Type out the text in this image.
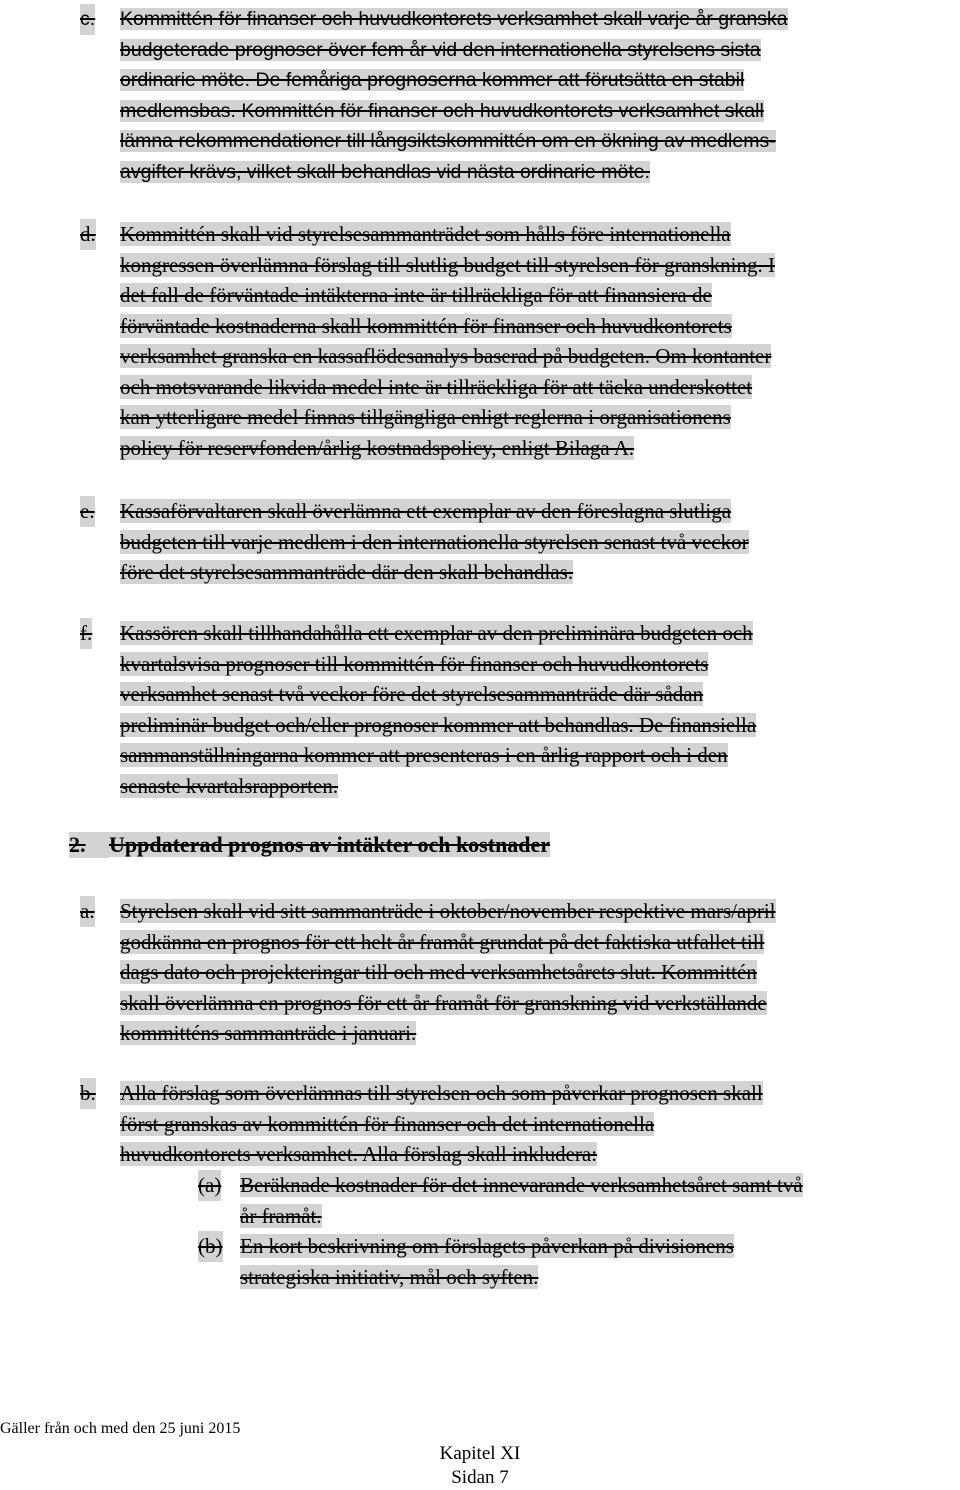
c. Kommittén för finanser och huvudkontorets verksamhet skall varje år granska
budgeterade prognoser över fem år vid den internationella styrelsens sista
ordinarie möte. De femåriga prognoserna kommer att förutsätta en stabil
medlemsbas. Kommittén för finanser och huvudkontorets verksamhet skall
lämna rekommendationer till långsiktskommittén om en ökning av medlems-
avgifter krävs, vilket skall behandlas vid nästa ordinarie möte.
d. Kommittén skall vid styrelsesammanträdet som hålls före internationella
kongressen överlämna förslag till slutlig budget till styrelsen för granskning. I
det fall de förväntade intäkterna inte är tillräckliga för att finansiera de
förväntade kostnaderna skall kommittén för finanser och huvudkontorets
verksamhet granska en kassaflödesanalys baserad på budgeten. Om kontanter
och motsvarande likvida medel inte är tillräckliga för att täcka underskottet
kan ytterligare medel finnas tillgängliga enligt reglerna i organisationens
policy för reservfonden/årlig kostnadspolicy, enligt Bilaga A.
e. Kassaförvaltaren skall överlämna ett exemplar av den föreslagna slutliga
budgeten till varje medlem i den internationella styrelsen senast två veckor
före det styrelsesammanträde där den skall behandlas.
f. Kassören skall tillhandahålla ett exemplar av den preliminära budgeten och
kvartalsvisa prognoser till kommittén för finanser och huvudkontorets
verksamhet senast två veckor före det styrelsesammanträde där sådan
preliminär budget och/eller prognoser kommer att behandlas. De finansiella
sammanställningarna kommer att presenteras i en årlig rapport och i den
senaste kvartalsrapporten.
2. Uppdaterad prognos av intäkter och kostnader
a. Styrelsen skall vid sitt sammanträde i oktober/november respektive mars/april
godkänna en prognos för ett helt år framåt grundat på det faktiska utfallet till
dags dato och projekteringar till och med verksamhetsårets slut. Kommittén
skall överlämna en prognos för ett år framåt för granskning vid verkställande
kommitténs sammanträde i januari.
b. Alla förslag som överlämnas till styrelsen och som påverkar prognosen skall
först granskas av kommittén för finanser och det internationella
huvudkontorets verksamhet. Alla förslag skall inkludera:
(a) Beräknade kostnader för det innevarande verksamhetsåret samt två
år framåt.
(b) En kort beskrivning om förslagets påverkan på divisionens
strategiska initiativ, mål och syften.
Gäller från och med den 25 juni 2015
Kapitel XI
Sidan 7
